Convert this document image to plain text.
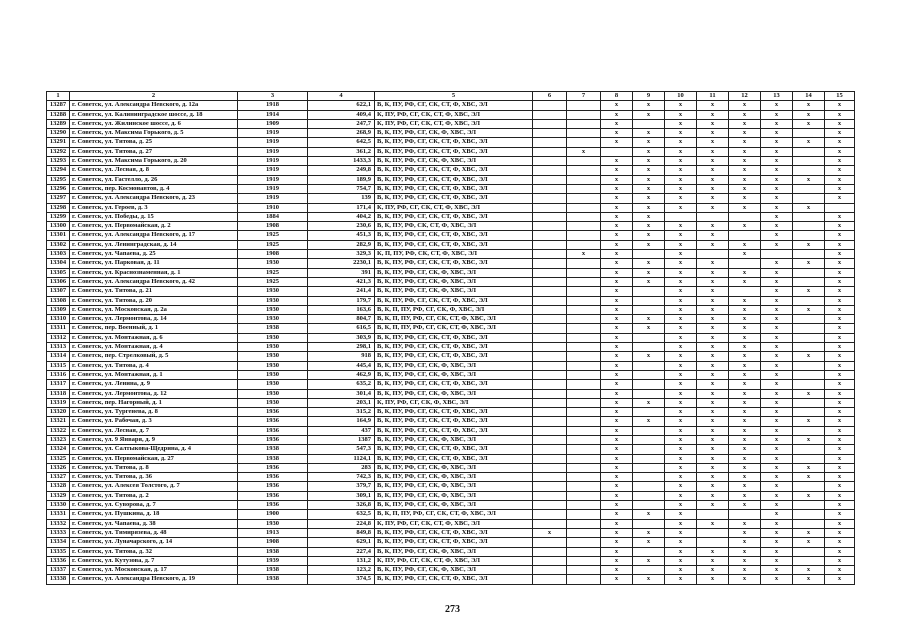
1	2	3	4	5	6	7	8	9	10	11	12	13	14	15
13287	г. Советск, ул. Александра Невского, д. 12а	1918	622,1	В, К, ПУ, РФ, СГ, СК, СТ, Ф, ХВС, ЭЛ			х	х	х	х	х	х	х	х
13288	г. Советск, ул. Калининградское шоссе, д. 18	1914	409,4	К, ПУ, РФ, СГ, СК, СТ, Ф, ХВС, ЭЛ			х	х	х	х	х	х	х	х
13289	г. Советск, ул. Жилинское шоссе, д. 6	1909	247,7	К, ПУ, РФ, СГ, СК, СТ, Ф, ХВС, ЭЛ			х		х	х	х	х	х	х
13290	г. Советск, ул. Максима Горького, д. 5	1919	268,9	В, К, ПУ, РФ, СГ, СК, Ф, ХВС, ЭЛ			х	х	х	х	х	х		х
13291	г. Советск, ул. Титова, д. 25	1919	642,5	В, К, ПУ, РФ, СГ, СК, СТ, Ф, ХВС, ЭЛ			х	х	х	х	х	х	х	х
13292	г. Советск, ул. Титова, д. 27	1919	361,2	В, К, ПУ, РФ, СГ, СК, СТ, Ф, ХВС, ЭЛ		х		х	х	х	х	х		х
13293	г. Советск, ул. Максима Горького, д. 20	1919	1433,3	В, К, ПУ, РФ, СГ, СК, Ф, ХВС, ЭЛ			х	х	х	х	х	х		х
13294	г. Советск, ул. Лесная, д. 8	1919	249,8	В, К, ПУ, РФ, СГ, СК, СТ, Ф, ХВС, ЭЛ			х	х	х	х	х	х		х
13295	г. Советск, ул. Гастелло, д. 26	1919	189,9	В, К, ПУ, РФ, СГ, СК, СТ, Ф, ХВС, ЭЛ			х	х	х	х	х	х	х	х
13296	г. Советск, пер. Космонавтов, д. 4	1919	754,7	В, К, ПУ, РФ, СГ, СК, СТ, Ф, ХВС, ЭЛ			х	х	х	х	х	х		х
13297	г. Советск, ул. Александра Невского, д. 23	1919	139	В, К, ПУ, РФ, СГ, СК, СТ, Ф, ХВС, ЭЛ			х	х	х	х	х	х		х
13298	г. Советск, ул. Героев, д. 3	1910	171,4	К, ПУ, РФ, СГ, СК, СТ, Ф, ХВС, ЭЛ			х	х	х	х	х	х	х	
13299	г. Советск, ул. Победы, д. 15	1884	404,2	В, К, ПУ, РФ, СГ, СК, СТ, Ф, ХВС, ЭЛ			х	х				х		х
13300	г. Советск, ул. Первомайская, д. 2	1908	230,6	В, К, ПУ, РФ, СК, СТ, Ф, ХВС, ЭЛ			х	х	х	х	х	х		х
13301	г. Советск, ул. Александра Невского, д. 17	1925	451,3	В, К, ПУ, РФ, СГ, СК, СТ, Ф, ХВС, ЭЛ			х	х	х	х		х		х
13302	г. Советск, ул. Ленинградская, д. 14	1925	282,9	В, К, ПУ, РФ, СГ, СК, СТ, Ф, ХВС, ЭЛ			х	х	х	х	х	х	х	х
13303	г. Советск, ул. Чапаева, д. 25	1908	329,3	К, П, ПУ, РФ, СК, СТ, Ф, ХВС, ЭЛ		х	х		х		х			х
13304	г. Советск, ул. Парковая, д. 11	1930	2230,1	В, К, ПУ, РФ, СГ, СК, СТ, Ф, ХВС, ЭЛ			х	х	х	х		х	х	х
13305	г. Советск, ул. Краснознаменная, д. 1	1925	391	В, К, ПУ, РФ, СГ, СК, Ф, ХВС, ЭЛ			х	х	х	х	х	х		х
13306	г. Советск, ул. Александра Невского, д. 42	1925	421,3	В, К, ПУ, РФ, СГ, СК, Ф, ХВС, ЭЛ			х	х	х	х	х	х		х
13307	г. Советск, ул. Титова, д. 21	1930	241,4	В, К, ПУ, РФ, СГ, СК, Ф, ХВС, ЭЛ			х		х	х		х	х	х
13308	г. Советск, ул. Титова, д. 20	1930	179,7	В, К, ПУ, РФ, СГ, СК, СТ, Ф, ХВС, ЭЛ			х		х	х	х	х		х
13309	г. Советск, ул. Московская, д. 2а	1930	163,6	В, К, П, ПУ, РФ, СГ, СК, Ф, ХВС, ЭЛ			х		х	х	х	х	х	х
13310	г. Советск, ул. Лермонтова, д. 14	1930	804,7	В, К, П, ПУ, РФ, СГ, СК, СТ, Ф, ХВС, ЭЛ			х	х	х	х	х	х		х
13311	г. Советск, пер. Военный, д. 1	1938	616,5	В, К, П, ПУ, РФ, СГ, СК, СТ, Ф, ХВС, ЭЛ			х	х	х	х	х	х		х
13312	г. Советск, ул. Монтажная, д. 6	1930	303,9	В, К, ПУ, РФ, СГ, СК, СТ, Ф, ХВС, ЭЛ			х		х	х	х	х		х
13313	г. Советск, ул. Монтажная, д. 4	1930	298,1	В, К, ПУ, РФ, СГ, СК, СТ, Ф, ХВС, ЭЛ			х		х	х	х	х		х
13314	г. Советск, пер. Стрелковый, д. 5	1930	918	В, К, ПУ, РФ, СГ, СК, СТ, Ф, ХВС, ЭЛ			х	х	х	х	х	х	х	х
13315	г. Советск, ул. Титова, д. 4	1930	445,4	В, К, ПУ, РФ, СГ, СК, Ф, ХВС, ЭЛ			х		х	х	х	х		х
13316	г. Советск, ул. Монтажная, д. 1	1930	462,9	В, К, ПУ, РФ, СГ, СК, Ф, ХВС, ЭЛ			х		х	х	х	х		х
13317	г. Советск, ул. Ленина, д. 9	1930	635,2	В, К, ПУ, РФ, СГ, СК, СТ, Ф, ХВС, ЭЛ			х		х	х	х	х		х
13318	г. Советск, ул. Лермонтова, д. 12	1930	301,4	В, К, ПУ, РФ, СГ, СК, Ф, ХВС, ЭЛ			х		х	х	х	х	х	х
13319	г. Советск, пер. Нагорный, д. 1	1930	203,1	К, ПУ, РФ, СГ, СК, Ф, ХВС, ЭЛ			х	х	х	х	х	х		х
13320	г. Советск, ул. Тургенева, д. 8	1936	315,2	В, К, ПУ, РФ, СГ, СК, СТ, Ф, ХВС, ЭЛ			х		х	х	х	х		х
13321	г. Советск, ул. Рабочая, д. 3	1936	164,9	В, К, ПУ, РФ, СГ, СК, СТ, Ф, ХВС, ЭЛ			х	х	х	х	х	х	х	х
13322	г. Советск, ул. Лесная, д. 7	1936	437	В, К, ПУ, РФ, СГ, СК, СТ, Ф, ХВС, ЭЛ			х		х	х	х	х		х
13323	г. Советск, ул. 9 Января, д. 9	1936	1387	В, К, ПУ, РФ, СГ, СК, Ф, ХВС, ЭЛ			х		х	х	х	х	х	х
13324	г. Советск, ул. Салтыкова-Щедрина, д. 4	1938	547,3	В, К, ПУ, РФ, СГ, СК, СТ, Ф, ХВС, ЭЛ			х		х	х	х	х		х
13325	г. Советск, ул. Первомайская, д. 27	1938	1124,1	В, К, ПУ, РФ, СГ, СК, СТ, Ф, ХВС, ЭЛ			х		х	х	х	х		х
13326	г. Советск, ул. Титова, д. 8	1936	283	В, К, ПУ, РФ, СГ, СК, Ф, ХВС, ЭЛ			х		х	х	х	х	х	х
13327	г. Советск, ул. Титова, д. 36	1936	742,3	В, К, ПУ, РФ, СГ, СК, Ф, ХВС, ЭЛ			х		х	х	х	х	х	х
13328	г. Советск, ул. Алексея Толстого, д. 7	1936	379,7	В, К, ПУ, РФ, СГ, СК, Ф, ХВС, ЭЛ			х		х	х	х	х		х
13329	г. Советск, ул. Титова, д. 2	1936	309,1	В, К, ПУ, РФ, СГ, СК, Ф, ХВС, ЭЛ			х		х	х	х	х	х	х
13330	г. Советск, ул. Суворова, д. 7	1936	326,8	В, К, ПУ, РФ, СГ, СК, Ф, ХВС, ЭЛ			х		х	х	х	х		х
13331	г. Советск, ул. Пушкина, д. 18	1900	632,5	В, К, П, ПУ, РФ, СГ, СК, СТ, Ф, ХВС, ЭЛ			х	х	х			х		х
13332	г. Советск, ул. Чапаева, д. 38	1930	224,8	К, ПУ, РФ, СГ, СК, СТ, Ф, ХВС, ЭЛ			х		х	х	х	х		х
13333	г. Советск, ул. Тимирязева, д. 48	1913	849,8	В, К, ПУ, РФ, СГ, СК, СТ, Ф, ХВС, ЭЛ	х		х	х	х		х	х	х	х
13334	г. Советск, ул. Луначарского, д. 14	1908	629,1	В, К, ПУ, РФ, СГ, СК, СТ, Ф, ХВС, ЭЛ			х	х	х		х	х	х	х
13335	г. Советск, ул. Титова, д. 32	1938	227,4	В, К, ПУ, РФ, СГ, СК, Ф, ХВС, ЭЛ			х		х	х	х	х		х
13336	г. Советск, ул. Кутузова, д. 7	1939	131,2	К, ПУ, РФ, СГ, СК, СТ, Ф, ХВС, ЭЛ			х	х	х	х	х	х		х
13337	г. Советск, ул. Московская, д. 17	1938	123,2	В, К, ПУ, РФ, СГ, СК, Ф, ХВС, ЭЛ			х		х	х	х	х	х	х
13338	г. Советск, ул. Александра Невского, д. 19	1938	374,5	В, К, ПУ, РФ, СГ, СК, СТ, Ф, ХВС, ЭЛ			х	х	х	х	х	х	х	х
273
